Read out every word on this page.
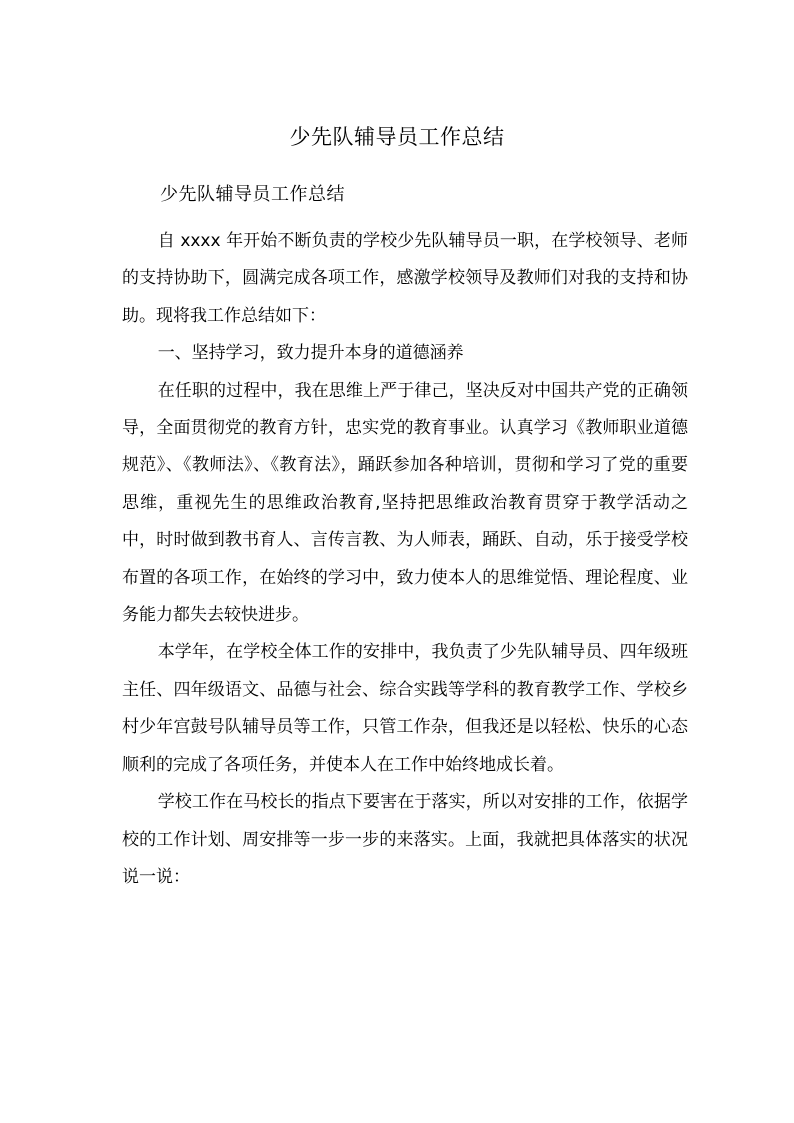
少先队辅导员工作总结
少先队辅导员工作总结

自 xxxx 年开始不断负责的学校少先队辅导员一职，在学校领导、老师的支持协助下，圆满完成各项工作，感激学校领导及教师们对我的支持和协助。现将我工作总结如下：

一、坚持学习，致力提升本身的道德涵养

在任职的过程中，我在思维上严于律己，坚决反对中国共产党的正确领导，全面贯彻党的教育方针，忠实党的教育事业。认真学习《教师职业道德规范》、《教师法》、《教育法》，踊跃参加各种培训，贯彻和学习了党的重要思维，重视先生的思维政治教育,坚持把思维政治教育贯穿于教学活动之中，时时做到教书育人、言传言教、为人师表，踊跃、自动，乐于接受学校布置的各项工作，在始终的学习中，致力使本人的思维觉悟、理论程度、业务能力都失去较快进步。

本学年，在学校全体工作的安排中，我负责了少先队辅导员、四年级班主任、四年级语文、品德与社会、综合实践等学科的教育教学工作、学校乡村少年宫鼓号队辅导员等工作，只管工作杂，但我还是以轻松、快乐的心态顺利的完成了各项任务，并使本人在工作中始终地成长着。

学校工作在马校长的指点下要害在于落实，所以对安排的工作，依据学校的工作计划、周安排等一步一步的来落实。上面，我就把具体落实的状况说一说：
